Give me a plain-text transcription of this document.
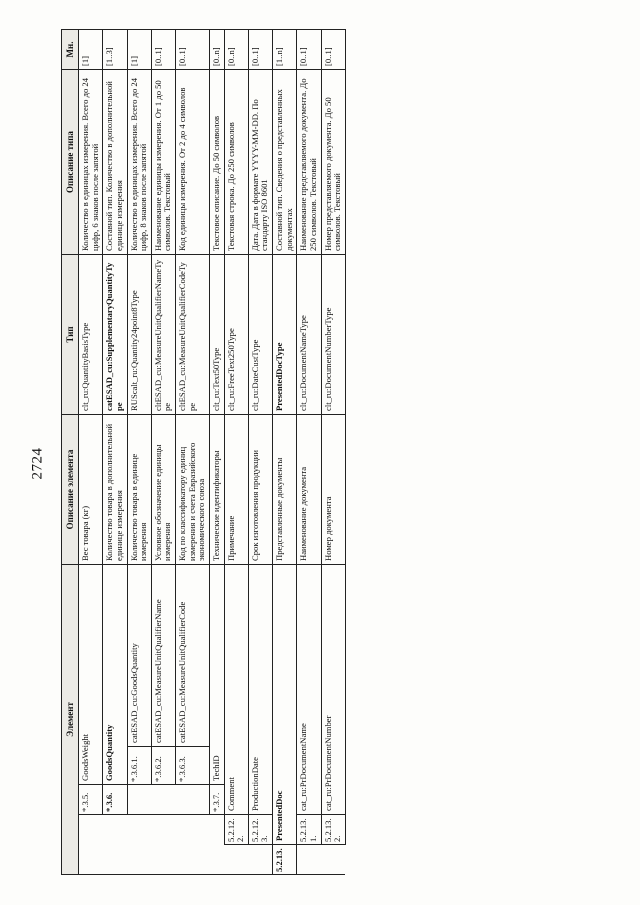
2724
Элемент					Описание элемента	Тип	Описание типа	Мн.
		*.3.5.	GoodsWeight		Вес товара (кг)	clt_ru:QuantityBasisType	Количество в единицах измерения. Всего до 24 цифр, 6 знаков после запятой	[1]
		*.3.6.	GoodsQuantity		Количество товара в дополнительной единице измерения	catESAD_cu:SupplementaryQuantityType	Составной тип. Количество в дополнительной единице измерения	[1..3]
			*.3.6.1.	catESAD_cu:GoodsQuantity	Количество товара в единице измерения	RUScalt_ru:Quantity24point8Type	Количество в единицах измерения. Всего до 24 цифр, 8 знаков после запятой	[1]
			*.3.6.2.	catESAD_cu:MeasureUnitQualifierName	Условное обозначение единицы измерения	cltESAD_cu:MeasureUnitQualifierNameType	Наименование единицы измерения. От 1 до 50 символов. Текстовый	[0..1]
			*.3.6.3.	catESAD_cu:MeasureUnitQualifierCode	Код по классификатору единиц измерения и счета Евразийского экономического союза	cltESAD_cu:MeasureUnitQualifierCodeType	Код единицы измерения. От 2 до 4 символов	[0..1]
		*.3.7.	TechID		Технические идентификаторы	clt_ru:Text50Type	Текстовое описание. До 50 символов	[0..n]
	5.2.12.2.	Comment			Примечание	clt_ru:FreeText250Type	Текстовая строка. До 250 символов	[0..n]
	5.2.12.3.	ProductionDate			Срок изготовления продукции	clt_ru:DateCustType	Дата. Дата в формате YYYY-MM-DD. По стандарту ISO 8601	[0..1]
5.2.13.	PresentedDoc				Представленные документы	PresentedDocType	Составной тип. Сведения о представленных документах	[1..n]
	5.2.13.1.	cat_ru:PrDocumentName			Наименование документа	clt_ru:DocumentNameType	Наименование представляемого документа. До 250 символов. Текстовый	[0..1]
	5.2.13.2.	cat_ru:PrDocumentNumber			Номер документа	clt_ru:DocumentNumberType	Номер представляемого документа. До 50 символов. Текстовый	[0..1]
